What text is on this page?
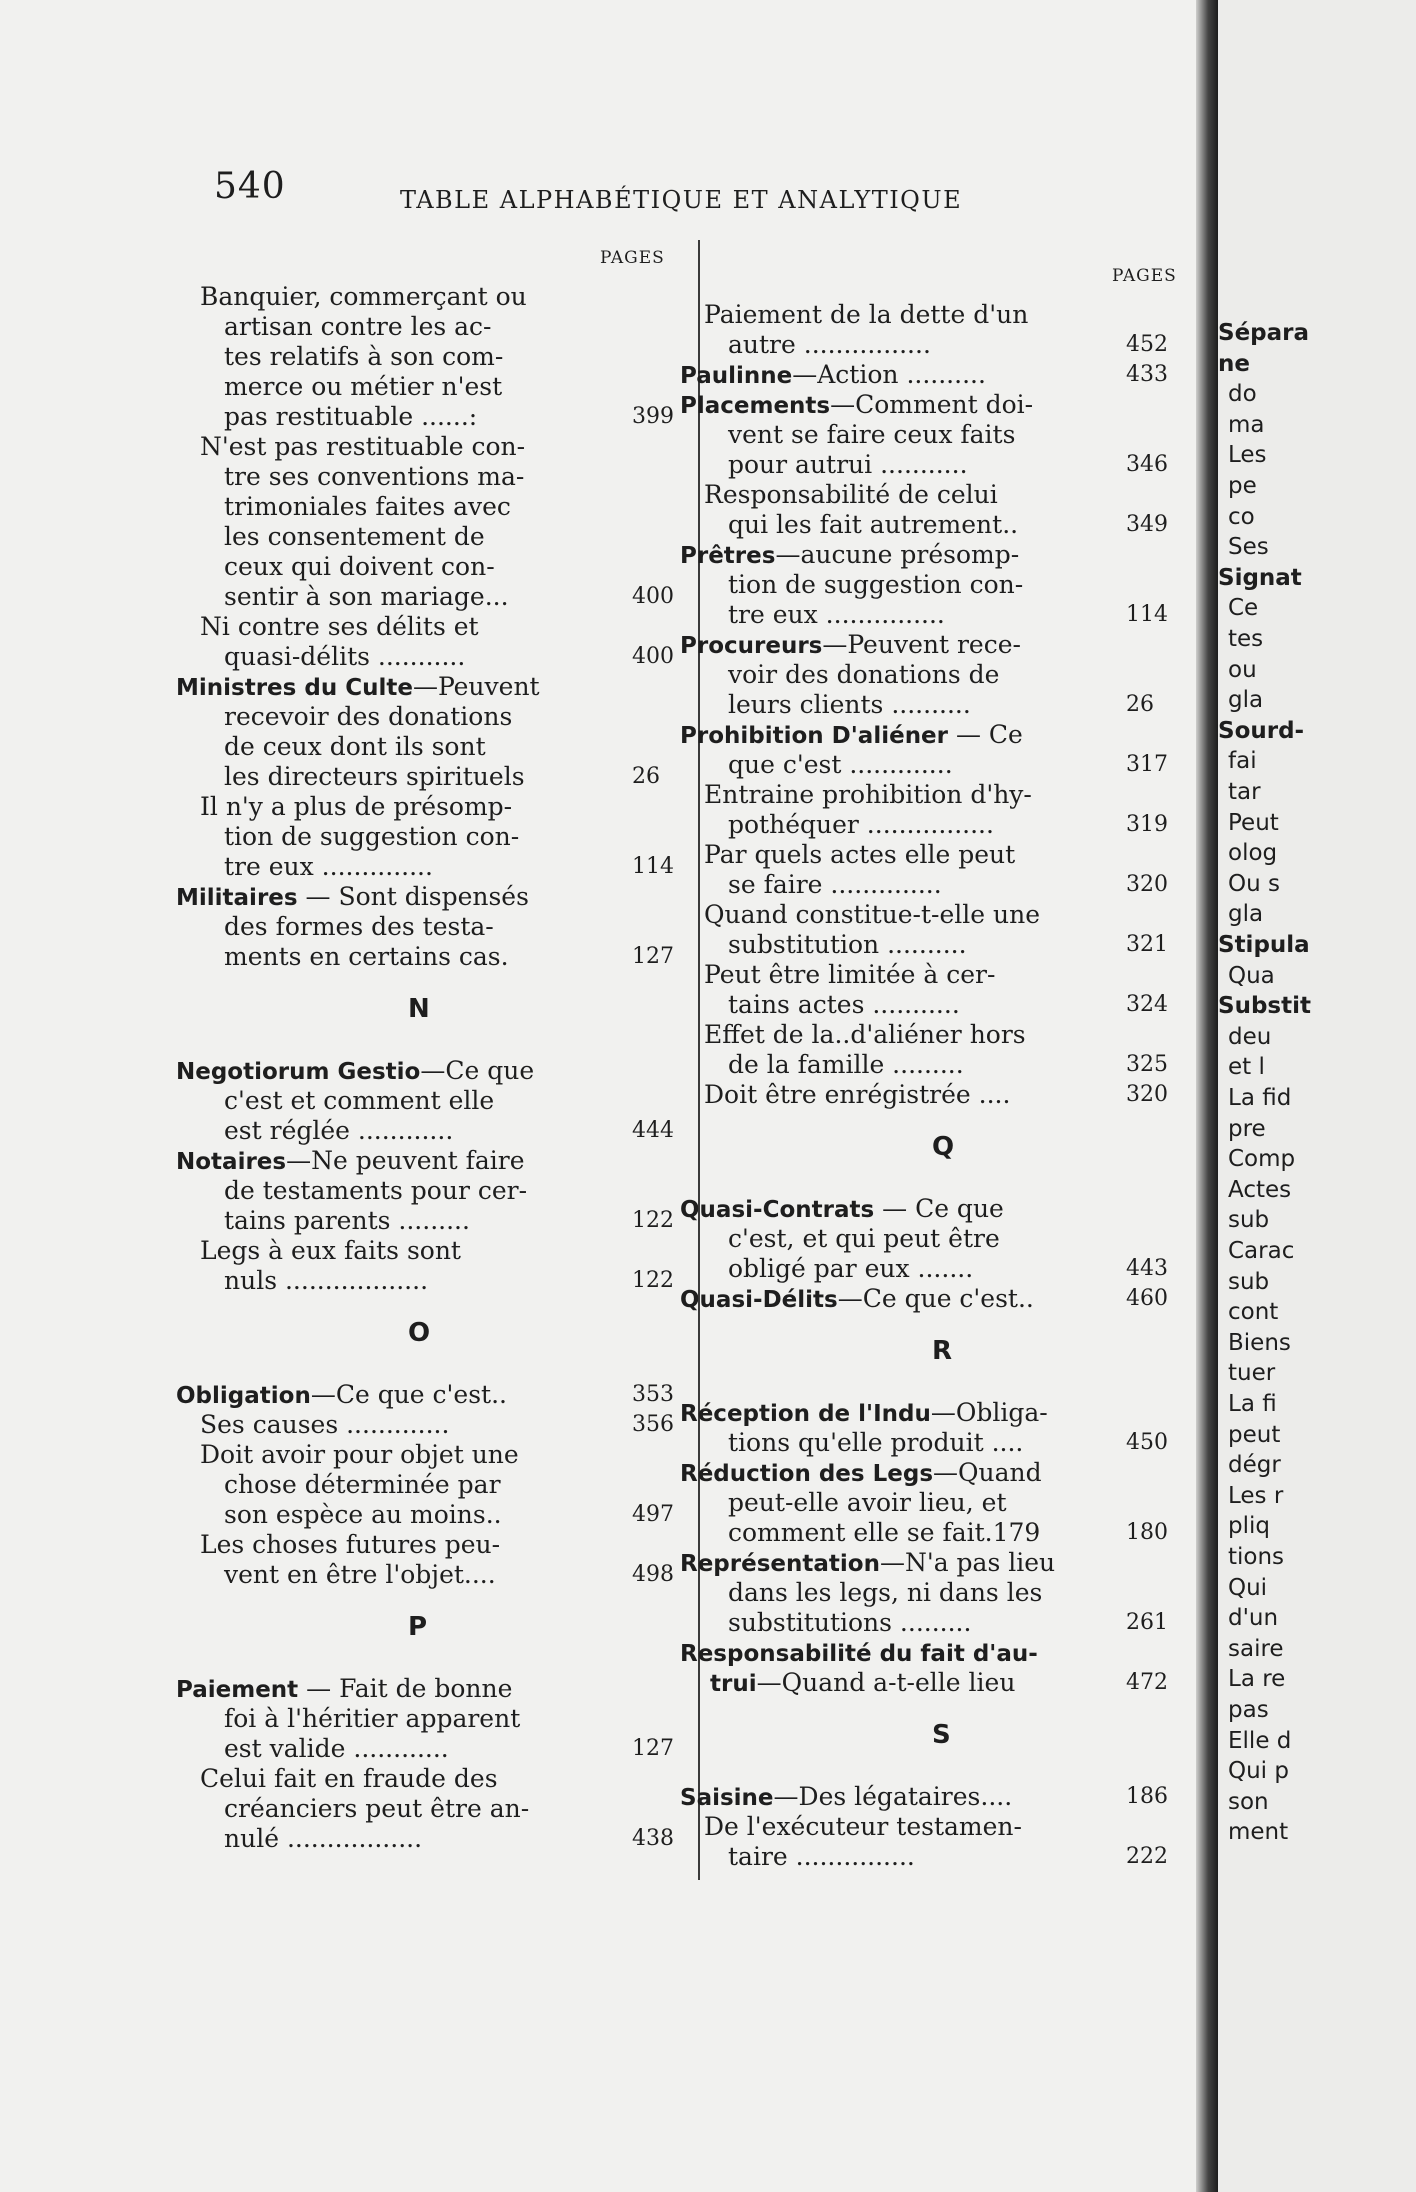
540	TABLE ALPHABÉTIQUE ET ANALYTIQUE
PAGES
Banquier, commerçant ou
artisan contre les ac-
tes relatifs à son com-
merce ou métier n'est
pas restituable ......:	399
N'est pas restituable con-
tre ses conventions ma-
trimoniales faites avec
les consentement de
ceux qui doivent con-
sentir à son mariage...	400
Ni contre ses délits et
quasi-délits ...........	400
Ministres du Culte—Peuvent
recevoir des donations
de ceux dont ils sont
les directeurs spirituels	26
Il n'y a plus de présomp-
tion de suggestion con-
tre eux ..............	114
Militaires — Sont dispensés
des formes des testa-
ments en certains cas.	127
N
Negotiorum Gestio—Ce que
c'est et comment elle
est réglée ............	444
Notaires—Ne peuvent faire
de testaments pour cer-
tains parents .........	122
Legs à eux faits sont
nuls ..................	122
O
Obligation—Ce que c'est..	353
Ses causes .............	356
Doit avoir pour objet une
chose déterminée par
son espèce au moins..	497
Les choses futures peu-
vent en être l'objet....	498
P
Paiement — Fait de bonne
foi à l'héritier apparent
est valide ............	127
Celui fait en fraude des
créanciers peut être an-
nulé .................	438
PAGES
Paiement de la dette d'un
autre ................	452
Paulinne—Action ..........	433
Placements—Comment doi-
vent se faire ceux faits
pour autrui ...........	346
Responsabilité de celui
qui les fait autrement..	349
Prêtres—aucune présomp-
tion de suggestion con-
tre eux ...............	114
Procureurs—Peuvent rece-
voir des donations de
leurs clients ..........	26
Prohibition D'aliéner — Ce
que c'est .............	317
Entraine prohibition d'hy-
pothéquer ................	319
Par quels actes elle peut
se faire ..............	320
Quand constitue-t-elle une
substitution ..........	321
Peut être limitée à cer-
tains actes ...........	324
Effet de la..d'aliéner hors
de la famille .........	325
Doit être enrégistrée ....	320
Q
Quasi-Contrats — Ce que
c'est, et qui peut être
obligé par eux .......	443
Quasi-Délits—Ce que c'est..	460
R
Réception de l'Indu—Obliga-
tions qu'elle produit ....	450
Réduction des Legs—Quand
peut-elle avoir lieu, et
comment elle se fait.179	180
Représentation—N'a pas lieu
dans les legs, ni dans les
substitutions .........	261
Responsabilité du fait d'au-
trui—Quand a-t-elle lieu	472
S
Saisine—Des légataires....	186
De l'exécuteur testamen-
taire ...............	222
Sépara
ne
do
ma
Les
pe
co
Ses
Signat
Ce
tes
ou
gla
Sourd-
fai
tar
Peut
olog
Ou s
gla
Stipula
Qua
Substit
deu
et l
La fid
pre
Comp
Actes
sub
Carac
sub
cont
Biens
tuer
La fi
peut
dégr
Les r
pliq
tions
Qui
d'un
saire
La re
pas
Elle d
Qui p
son
ment
